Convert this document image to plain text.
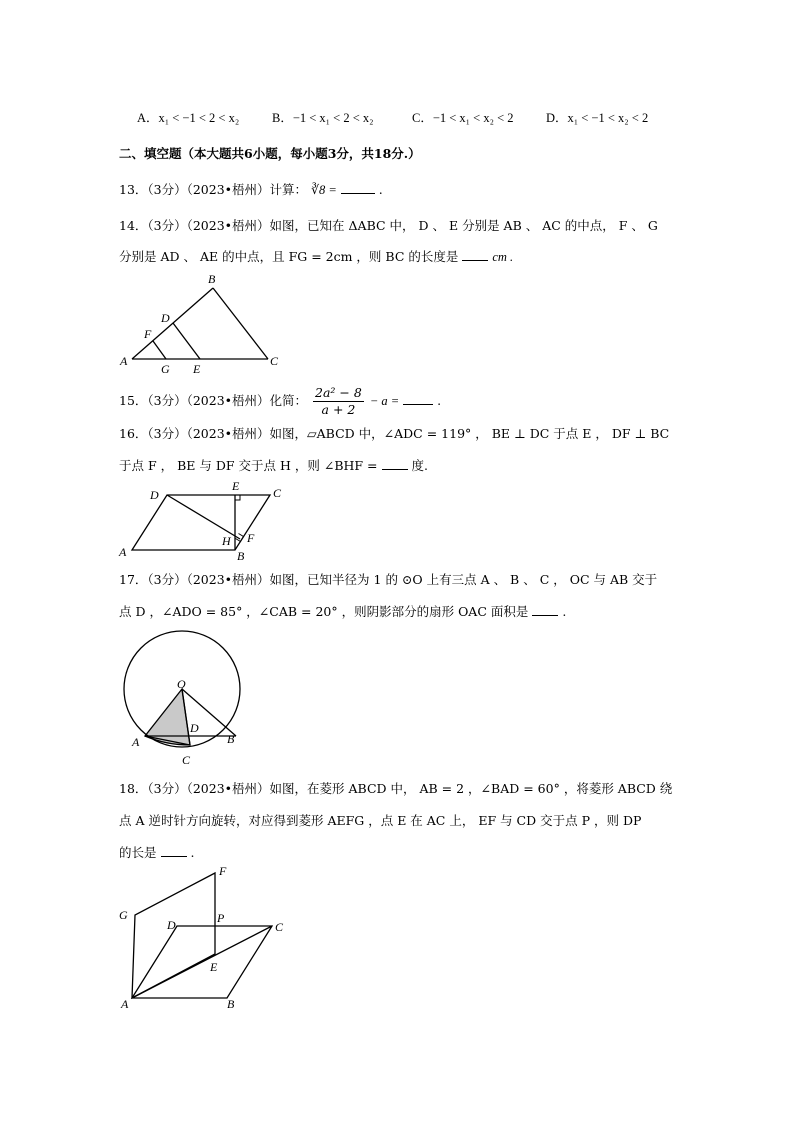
A．x₁ < −1 < 2 < x₂	B．−1 < x₁ < 2 < x₂	C．−1 < x₁ < x₂ < 2	D．x₁ < −1 < x₂ < 2
二、填空题（本大题共6小题，每小题3分，共18分.）
13．（3分）（2023•梧州）计算： ∛8 =	.
14．（3分）（2023•梧州）如图，已知在 ΔABC 中， D 、 E 分别是 AB 、 AC 的中点， F 、 G
分别是 AD 、 AE 的中点，且 FG = 2cm ，则 BC 的长度是	cm .
B
A	C
D
F
G E
15．（3分）（2023•梧州）化简： $\frac{\text{2a² − 8}}{a + 2} - a$ =	.
16．（3分）（2023•梧州）如图，▱ABCD 中，∠ADC = 119° ， BE ⊥ DC 于点 E ， DF ⊥ BC
于点 F ， BE 与 DF 交于点 H ，则 ∠BHF =	度.
E	C
D
A	B
H F
17．（3分）（2023•梧州）如图，已知半径为 1 的 ⊙O 上有三点 A 、 B 、 C ， OC 与 AB 交于
点 D ，∠ADO = 85° ，∠CAB = 20° ，则阴影部分的扇形 OAC 面积是	.
O
A	B
C
D
18．（3分）（2023•梧州）如图，在菱形 ABCD 中， AB = 2 ，∠BAD = 60° ，将菱形 ABCD 绕
点 A 逆时针方向旋转，对应得到菱形 AEFG ，点 E 在 AC 上， EF 与 CD 交于点 P ，则 DP
的长是	.
F
G
D	P
C
E
A	B
